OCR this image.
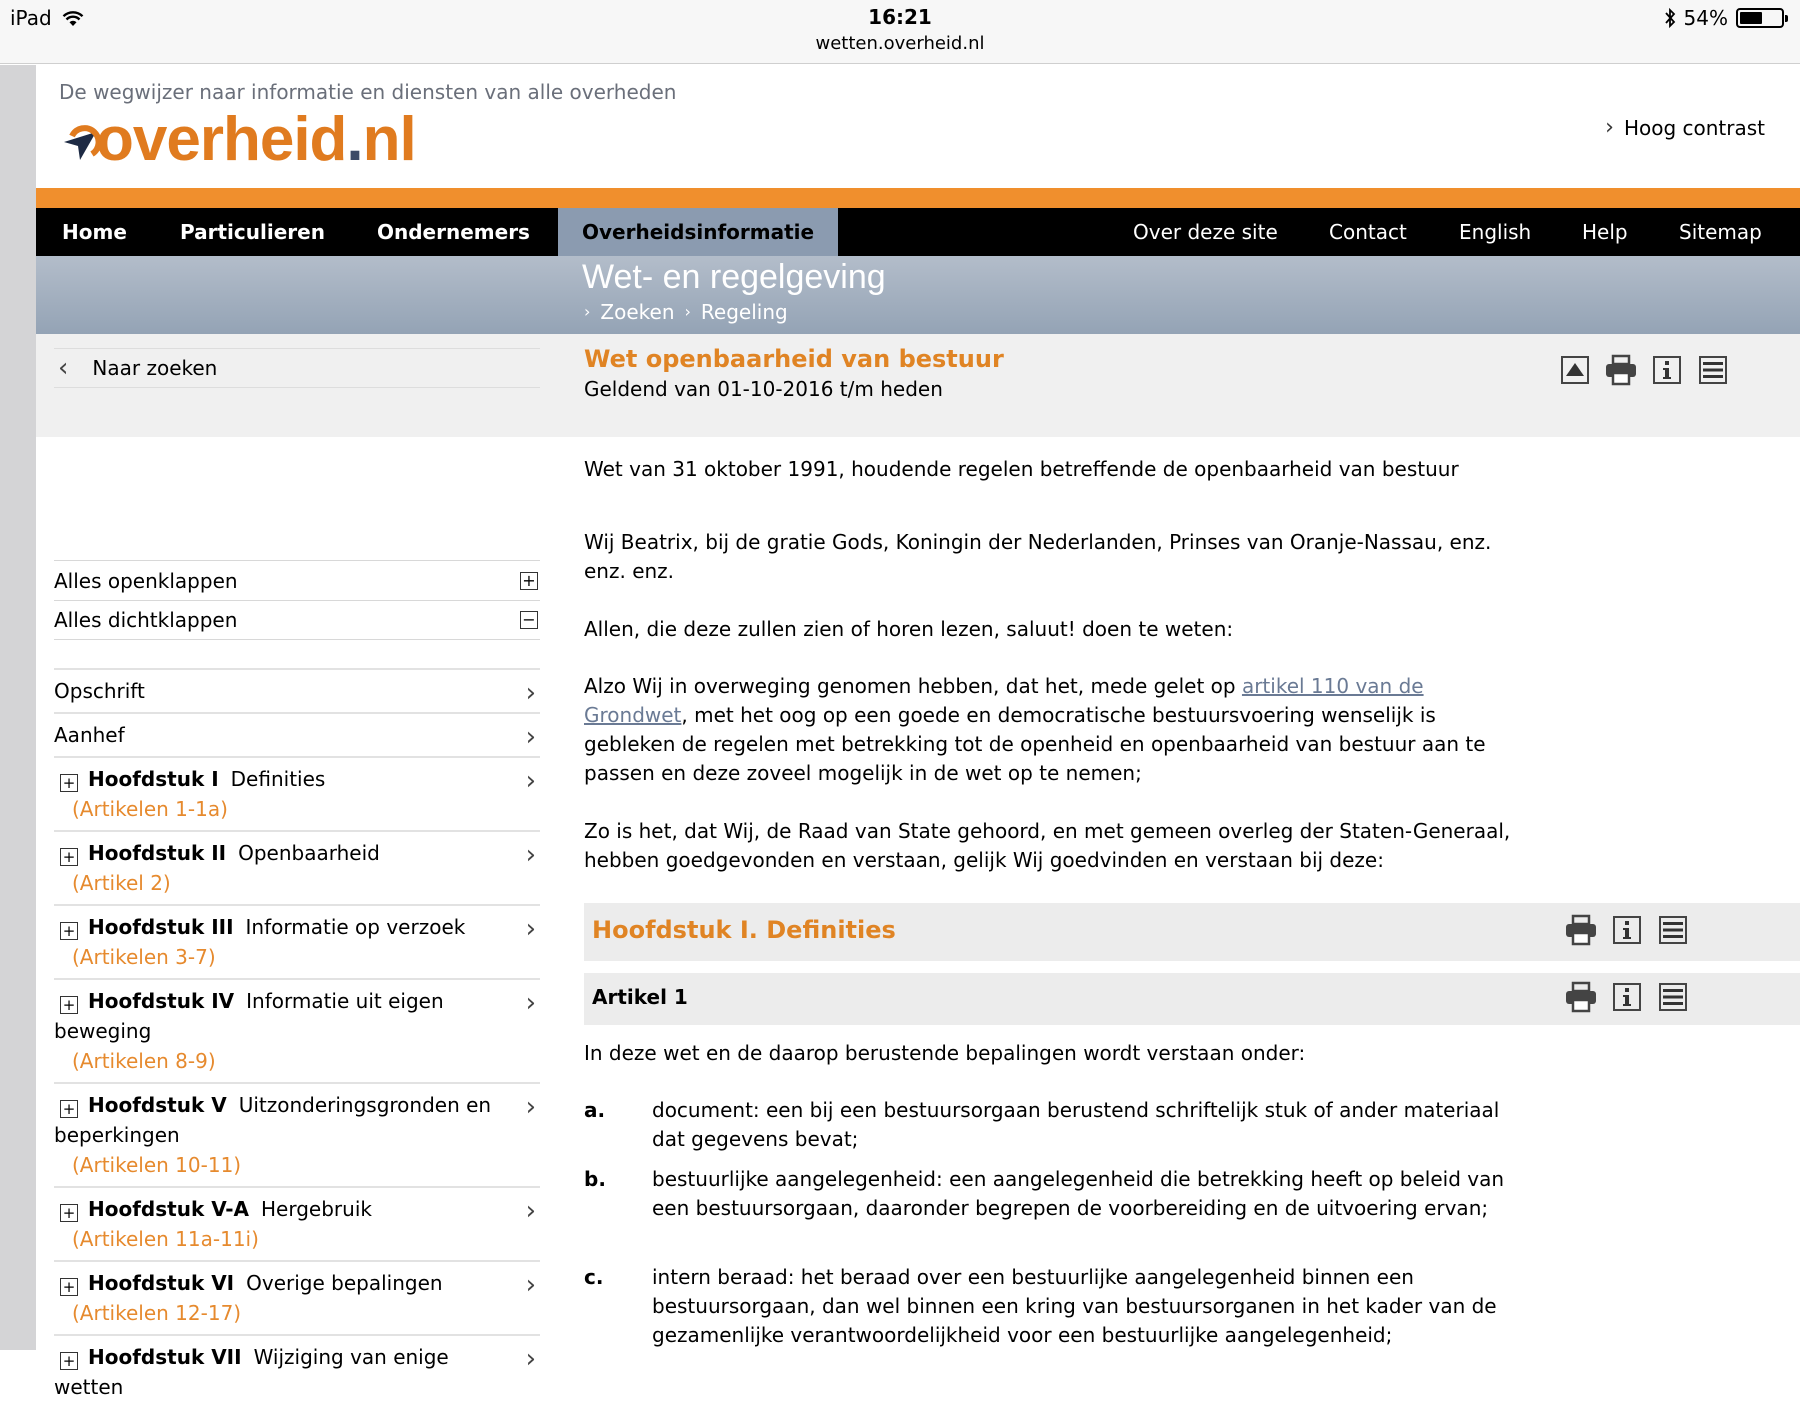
iPad	16:21
wetten.overheid.nl
54%
De wegwijzer naar informatie en diensten van alle overheden
overheid.nl	› Hoog contrast
Home	Particulieren	Ondernemers	Overheidsinformatie	Over deze site	Contact	English	Help	Sitemap
Wet- en regelgeving
› Zoeken › Regeling
‹ Naar zoeken
Alles openklappen	+
Alles dichtklappen	−
Opschrift	›
Aanhef	›
+ Hoofdstuk I Definities
(Artikelen 1-1a)
›
+ Hoofdstuk II Openbaarheid
(Artikel 2)
›
+ Hoofdstuk III Informatie op verzoek
(Artikelen 3-7)
›
+ Hoofdstuk IV Informatie uit eigen beweging
(Artikelen 8-9)
›
+ Hoofdstuk V Uitzonderingsgronden en beperkingen
(Artikelen 10-11)
›
+ Hoofdstuk V-A Hergebruik
(Artikelen 11a-11i)
›
+ Hoofdstuk VI Overige bepalingen
(Artikelen 12-17)
›
+ Hoofdstuk VII Wijziging van enige wetten
›
Wet openbaarheid van bestuur
Geldend van 01-10-2016 t/m heden
Wet van 31 oktober 1991, houdende regelen betreffende de openbaarheid van bestuur
Wij Beatrix, bij de gratie Gods, Koningin der Nederlanden, Prinses van Oranje-Nassau, enz. enz. enz.
Allen, die deze zullen zien of horen lezen, saluut! doen te weten:
Alzo Wij in overweging genomen hebben, dat het, mede gelet op artikel 110 van de Grondwet, met het oog op een goede en democratische bestuursvoering wenselijk is gebleken de regelen met betrekking tot de openheid en openbaarheid van bestuur aan te passen en deze zoveel mogelijk in de wet op te nemen;
Zo is het, dat Wij, de Raad van State gehoord, en met gemeen overleg der Staten-Generaal, hebben goedgevonden en verstaan, gelijk Wij goedvinden en verstaan bij deze:
Hoofdstuk I. Definities
Artikel 1
In deze wet en de daarop berustende bepalingen wordt verstaan onder:
a. document: een bij een bestuursorgaan berustend schriftelijk stuk of ander materiaal dat gegevens bevat;
b. bestuurlijke aangelegenheid: een aangelegenheid die betrekking heeft op beleid van een bestuursorgaan, daaronder begrepen de voorbereiding en de uitvoering ervan;
c. intern beraad: het beraad over een bestuurlijke aangelegenheid binnen een bestuursorgaan, dan wel binnen een kring van bestuursorganen in het kader van de gezamenlijke verantwoordelijkheid voor een bestuurlijke aangelegenheid;
